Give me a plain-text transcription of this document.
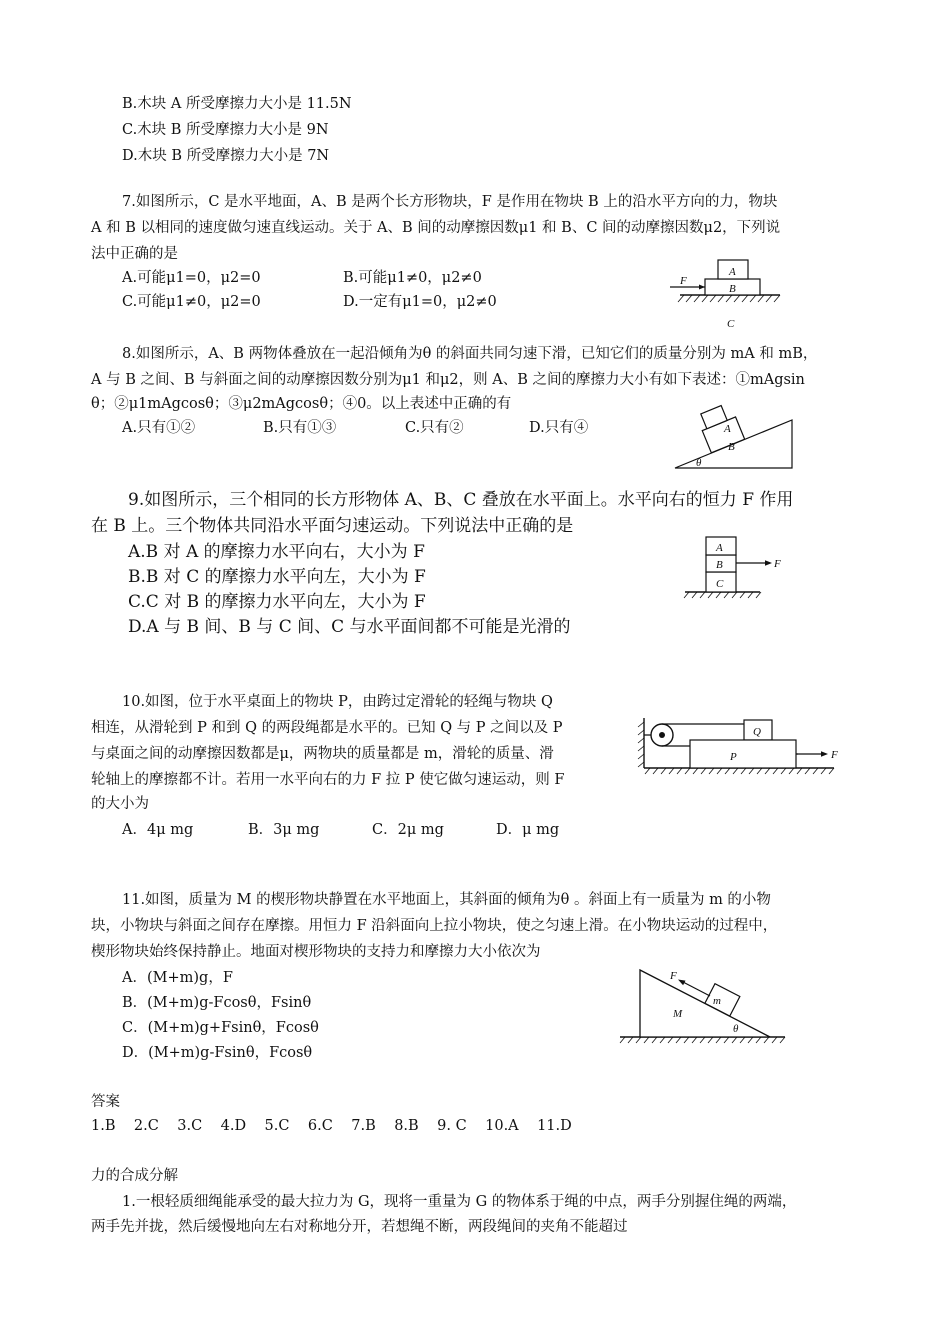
B.木块 A 所受摩擦力大小是 11.5N
C.木块 B 所受摩擦力大小是 9N
D.木块 B 所受摩擦力大小是 7N
7.如图所示，C 是水平地面，A、B 是两个长方形物块，F 是作用在物块 B 上的沿水平方向的力，物块
A 和 B 以相同的速度做匀速直线运动。关于 A、B 间的动摩擦因数μ1 和 B、C 间的动摩擦因数μ2，下列说
法中正确的是
A.可能μ1=0，μ2=0	B.可能μ1≠0，μ2≠0
C.可能μ1≠0，μ2=0	D.一定有μ1=0，μ2≠0
F
A
B
C
8.如图所示，A、B 两物体叠放在一起沿倾角为θ 的斜面共同匀速下滑，已知它们的质量分别为 mA 和 mB，
A 与 B 之间、B 与斜面之间的动摩擦因数分别为μ1 和μ2，则 A、B 之间的摩擦力大小有如下表述：①mAgsin
θ；②μ1mAgcosθ；③μ2mAgcosθ；④0。以上表述中正确的有
A.只有①②	B.只有①③	C.只有②	D.只有④	A
B
θ
9.如图所示，三个相同的长方形物体 A、B、C 叠放在水平面上。水平向右的恒力 F 作用
在 B 上。三个物体共同沿水平面匀速运动。下列说法中正确的是
A.B 对 A 的摩擦力水平向右，大小为 F
B.B 对 C 的摩擦力水平向左，大小为 F
C.C 对 B 的摩擦力水平向左，大小为 F
D.A 与 B 间、B 与 C 间、C 与水平面间都不可能是光滑的
A
B
C
F
10.如图，位于水平桌面上的物块 P，由跨过定滑轮的轻绳与物块 Q
相连，从滑轮到 P 和到 Q 的两段绳都是水平的。已知 Q 与 P 之间以及 P
与桌面之间的动摩擦因数都是μ，两物块的质量都是 m，滑轮的质量、滑
轮轴上的摩擦都不计。若用一水平向右的力 F 拉 P 使它做匀速运动，则 F
的大小为
A．4μ mg	B．3μ mg	C．2μ mg	D．μ mg
Q
P	F
11.如图，质量为 M 的楔形物块静置在水平地面上，其斜面的倾角为θ 。斜面上有一质量为 m 的小物
块，小物块与斜面之间存在摩擦。用恒力 F 沿斜面向上拉小物块，使之匀速上滑。在小物块运动的过程中，
楔形物块始终保持静止。地面对楔形物块的支持力和摩擦力大小依次为
A．(M+m)g，F
B．(M+m)g-Fcosθ，Fsinθ
C．(M+m)g+Fsinθ，Fcosθ
D．(M+m)g-Fsinθ，Fcosθ
F
m
M
θ
答案
1.B    2.C    3.C    4.D    5.C    6.C    7.B    8.B    9. C    10.A    11.D
力的合成分解
1.一根轻质细绳能承受的最大拉力为 G，现将一重量为 G 的物体系于绳的中点，两手分别握住绳的两端，
两手先并拢，然后缓慢地向左右对称地分开，若想绳不断，两段绳间的夹角不能超过
